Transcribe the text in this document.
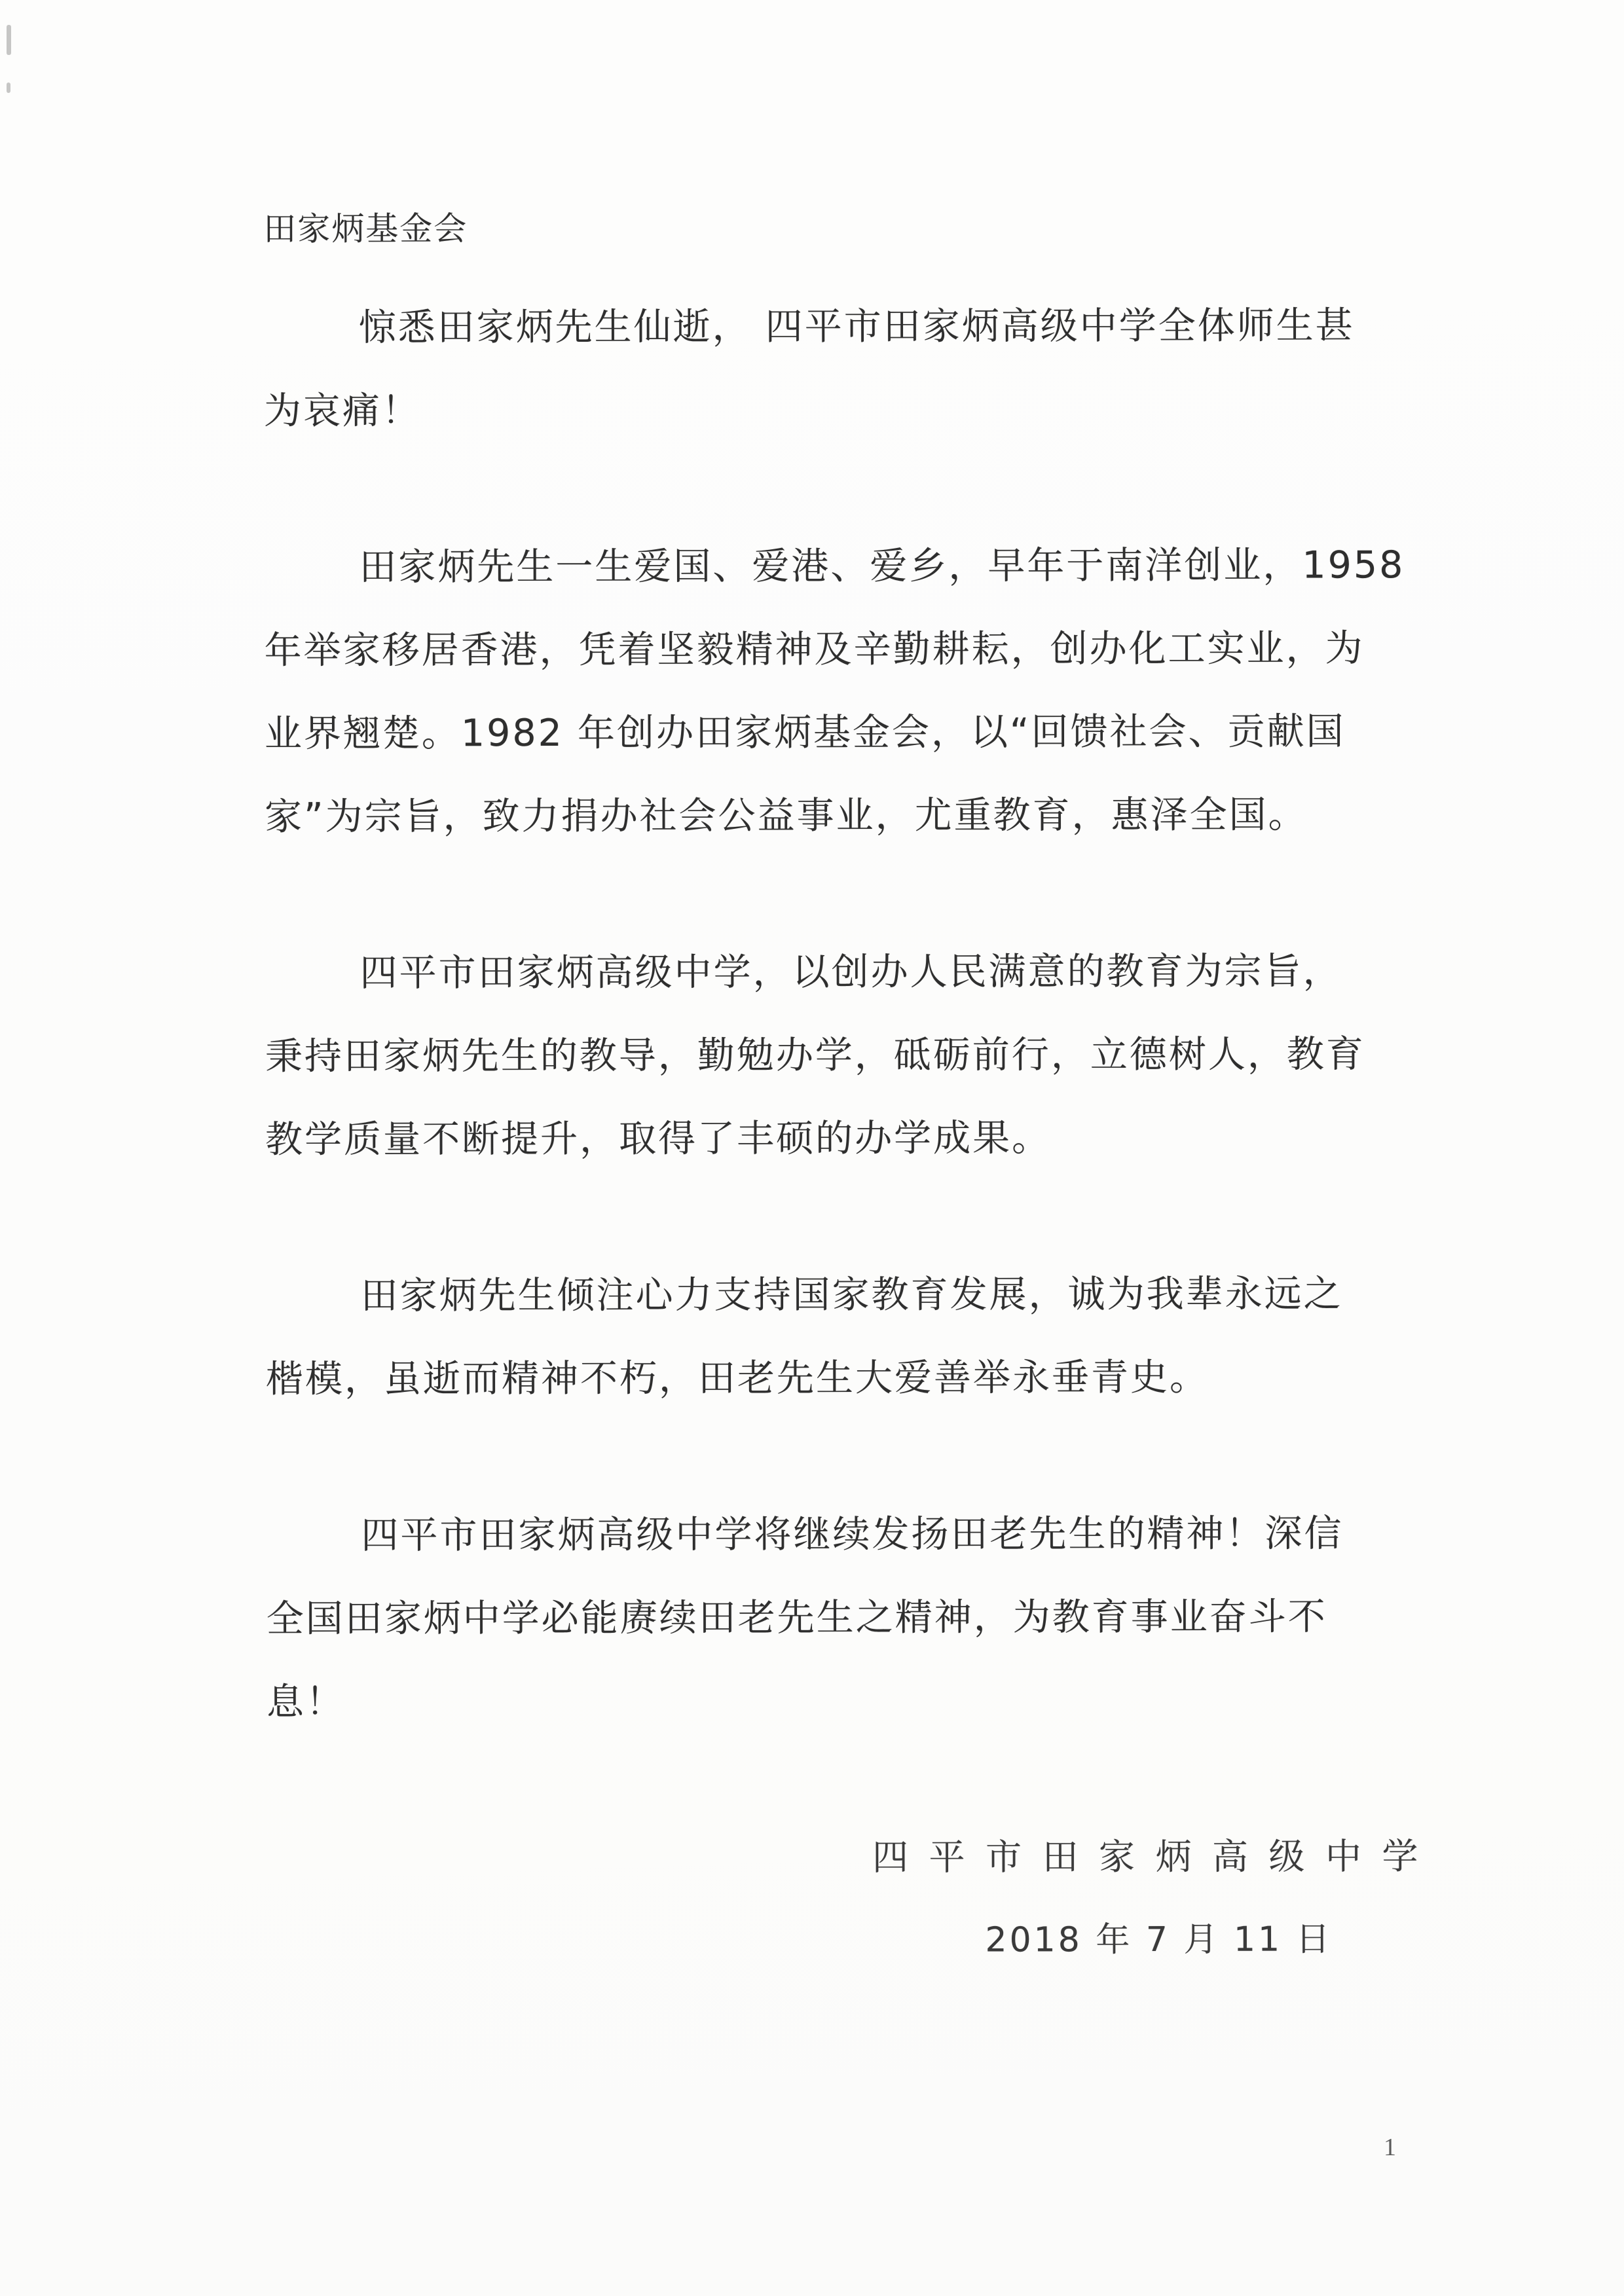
田家炳基金会
惊悉田家炳先生仙逝， 四平市田家炳高级中学全体师生甚
为哀痛！
田家炳先生一生爱国、爱港、爱乡，早年于南洋创业，1958
年举家移居香港，凭着坚毅精神及辛勤耕耘，创办化工实业，为
业界翘楚。1982 年创办田家炳基金会，以“回馈社会、贡献国
家”为宗旨，致力捐办社会公益事业，尤重教育，惠泽全国。
四平市田家炳高级中学，以创办人民满意的教育为宗旨，
秉持田家炳先生的教导，勤勉办学，砥砺前行，立德树人，教育
教学质量不断提升，取得了丰硕的办学成果。
田家炳先生倾注心力支持国家教育发展，诚为我辈永远之
楷模，虽逝而精神不朽，田老先生大爱善举永垂青史。
四平市田家炳高级中学将继续发扬田老先生的精神！深信
全国田家炳中学必能赓续田老先生之精神，为教育事业奋斗不
息！
四 平 市 田 家 炳 高 级 中 学
2018 年 7 月 11 日
1
